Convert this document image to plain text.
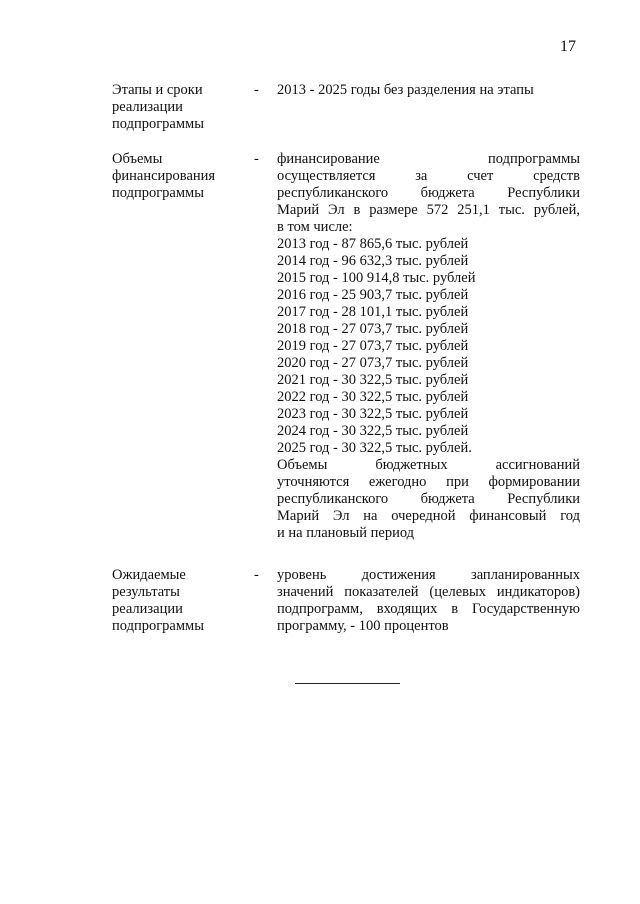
17
Этапы и сроки
реализации
подпрограммы
- 2013 - 2025 годы без разделения на этапы
Объемы
финансирования
подпрограммы
- финансирование подпрограммы
осуществляется за счет средств
республиканского бюджета Республики
Марий Эл в размере 572 251,1 тыс. рублей,
в том числе:
2013 год - 87 865,6 тыс. рублей
2014 год - 96 632,3 тыс. рублей
2015 год - 100 914,8 тыс. рублей
2016 год - 25 903,7 тыс. рублей
2017 год - 28 101,1 тыс. рублей
2018 год - 27 073,7 тыс. рублей
2019 год - 27 073,7 тыс. рублей
2020 год - 27 073,7 тыс. рублей
2021 год - 30 322,5 тыс. рублей
2022 год - 30 322,5 тыс. рублей
2023 год - 30 322,5 тыс. рублей
2024 год - 30 322,5 тыс. рублей
2025 год - 30 322,5 тыс. рублей.
Объемы бюджетных ассигнований
уточняются ежегодно при формировании
республиканского бюджета Республики
Марий Эл на очередной финансовый год
и на плановый период
Ожидаемые
результаты
реализации
подпрограммы
- уровень достижения запланированных
значений показателей (целевых индикаторов)
подпрограмм, входящих в Государственную
программу, - 100 процентов
